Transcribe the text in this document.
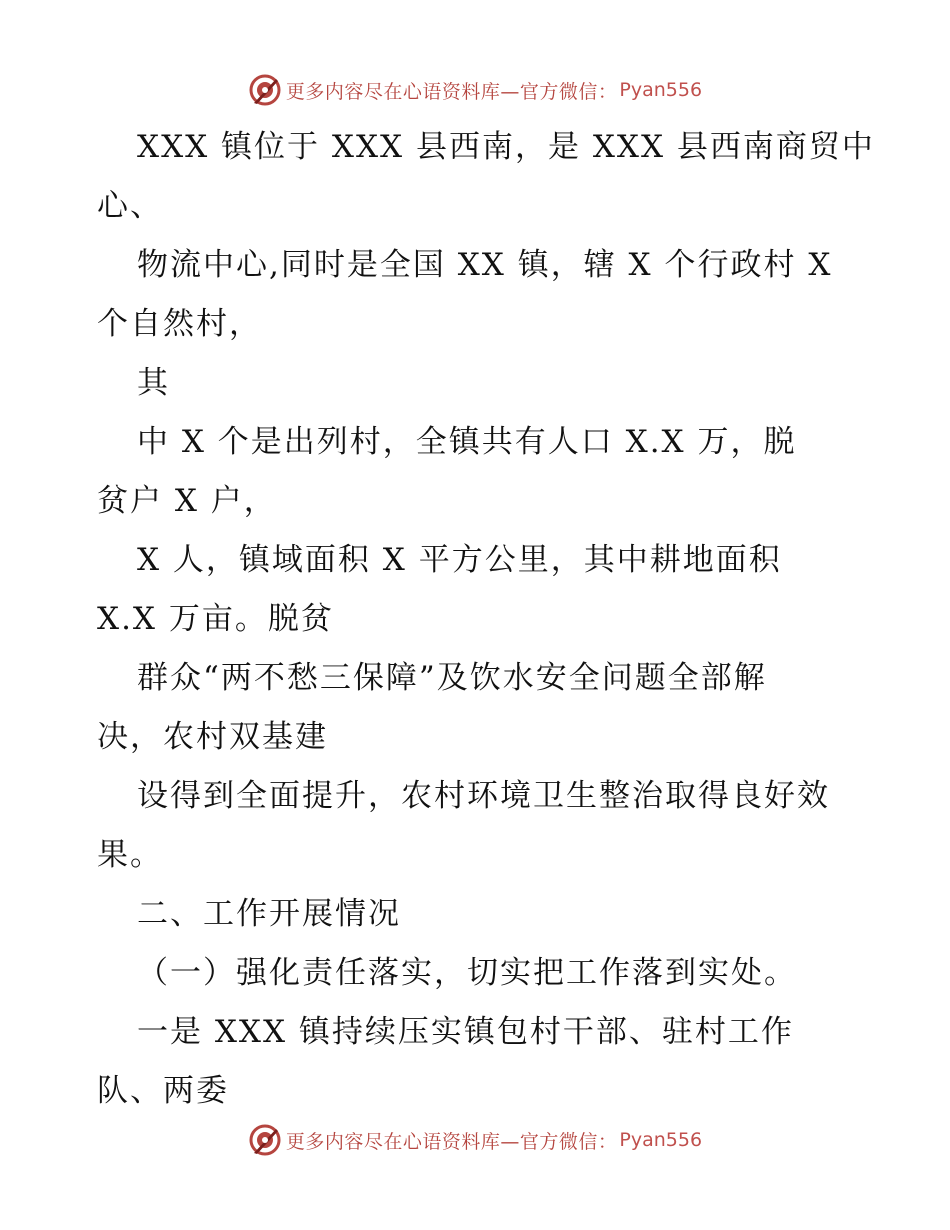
更多内容尽在心语资料库—官方微信： Pyan556

XXX 镇位于 XXX 县西南，是 XXX 县西南商贸中

心、

物流中心,同时是全国 XX 镇，辖 X 个行政村 X

个自然村，

其

中 X 个是出列村，全镇共有人口 X.X 万，脱

贫户 X 户，

X 人，镇域面积 X 平方公里，其中耕地面积

X.X 万亩。脱贫

群众“两不愁三保障”及饮水安全问题全部解

决，农村双基建

设得到全面提升，农村环境卫生整治取得良好效

果。

二、工作开展情况

（一）强化责任落实，切实把工作落到实处。

一是 XXX 镇持续压实镇包村干部、驻村工作

队、两委

更多内容尽在心语资料库—官方微信： Pyan556
